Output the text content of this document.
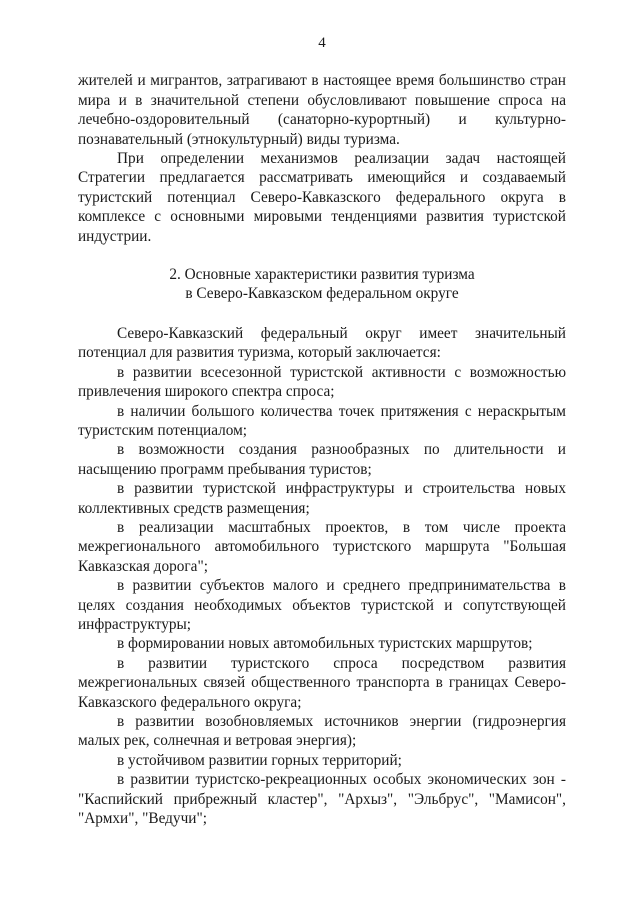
4

жителей и мигрантов, затрагивают в настоящее время большинство стран мира и в значительной степени обусловливают повышение спроса на лечебно-оздоровительный (санаторно-курортный) и культурно-познавательный (этнокультурный) виды туризма.

При определении механизмов реализации задач настоящей Стратегии предлагается рассматривать имеющийся и создаваемый туристский потенциал Северо-Кавказского федерального округа в комплексе с основными мировыми тенденциями развития туристской индустрии.

2. Основные характеристики развития туризма
в Северо-Кавказском федеральном округе

Северо-Кавказский федеральный округ имеет значительный потенциал для развития туризма, который заключается:

в развитии всесезонной туристской активности с возможностью привлечения широкого спектра спроса;

в наличии большого количества точек притяжения с нераскрытым туристским потенциалом;

в возможности создания разнообразных по длительности и насыщению программ пребывания туристов;

в развитии туристской инфраструктуры и строительства новых коллективных средств размещения;

в реализации масштабных проектов, в том числе проекта межрегионального автомобильного туристского маршрута "Большая Кавказская дорога";

в развитии субъектов малого и среднего предпринимательства в целях создания необходимых объектов туристской и сопутствующей инфраструктуры;

в формировании новых автомобильных туристских маршрутов;

в развитии туристского спроса посредством развития межрегиональных связей общественного транспорта в границах Северо-Кавказского федерального округа;

в развитии возобновляемых источников энергии (гидроэнергия малых рек, солнечная и ветровая энергия);

в устойчивом развитии горных территорий;

в развитии туристско-рекреационных особых экономических зон - "Каспийский прибрежный кластер", "Архыз", "Эльбрус", "Мамисон", "Армхи", "Ведучи";
